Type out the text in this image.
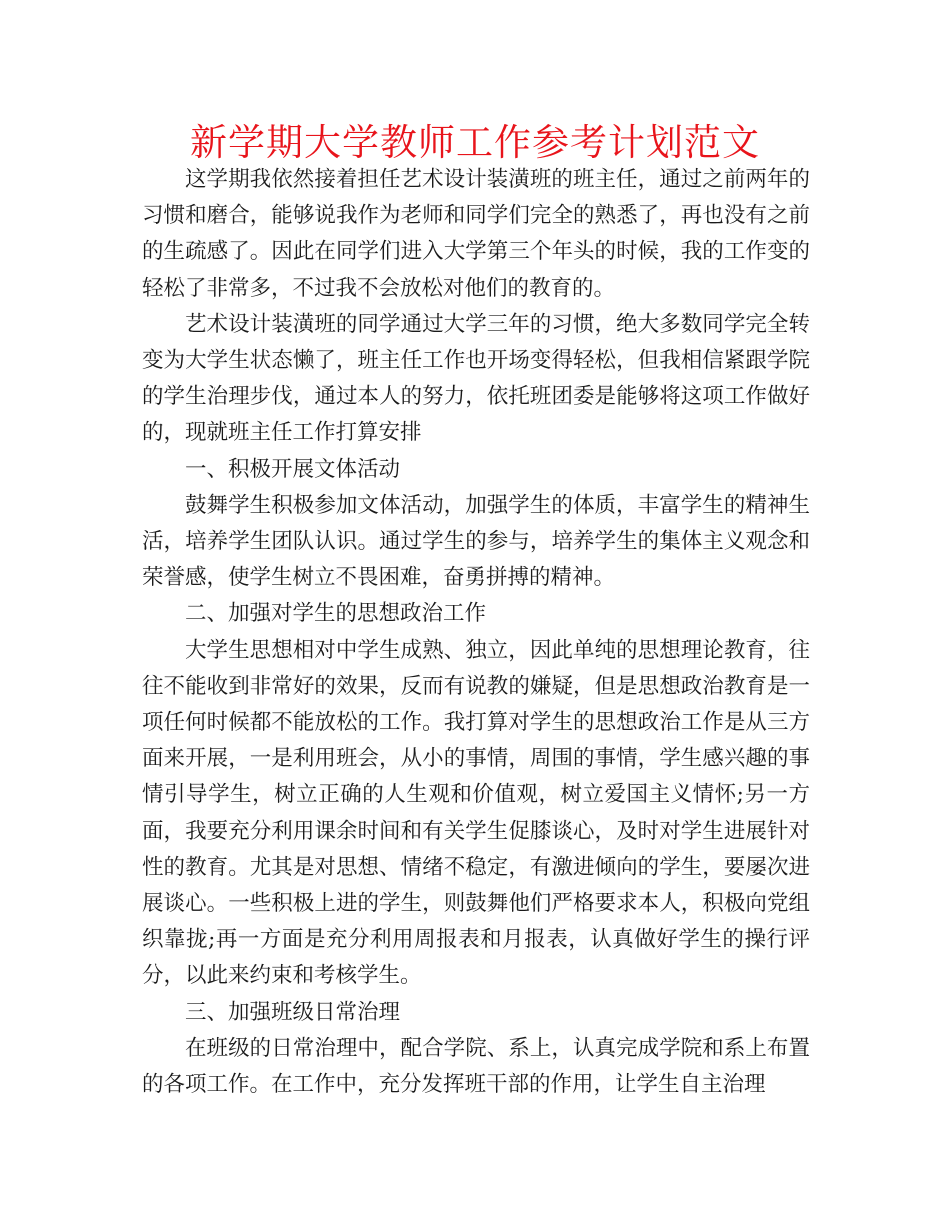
新学期大学教师工作参考计划范文

这学期我依然接着担任艺术设计装潢班的班主任，通过之前两年的习惯和磨合，能够说我作为老师和同学们完全的熟悉了，再也没有之前的生疏感了。因此在同学们进入大学第三个年头的时候，我的工作变的轻松了非常多，不过我不会放松对他们的教育的。

艺术设计装潢班的同学通过大学三年的习惯，绝大多数同学完全转变为大学生状态懒了，班主任工作也开场变得轻松，但我相信紧跟学院的学生治理步伐，通过本人的努力，依托班团委是能够将这项工作做好的，现就班主任工作打算安排

一、积极开展文体活动

鼓舞学生积极参加文体活动，加强学生的体质，丰富学生的精神生活，培养学生团队认识。通过学生的参与，培养学生的集体主义观念和荣誉感，使学生树立不畏困难，奋勇拼搏的精神。

二、加强对学生的思想政治工作

大学生思想相对中学生成熟、独立，因此单纯的思想理论教育，往往不能收到非常好的效果，反而有说教的嫌疑，但是思想政治教育是一项任何时候都不能放松的工作。我打算对学生的思想政治工作是从三方面来开展，一是利用班会，从小的事情，周围的事情，学生感兴趣的事情引导学生，树立正确的人生观和价值观，树立爱国主义情怀;另一方面，我要充分利用课余时间和有关学生促膝谈心，及时对学生进展针对性的教育。尤其是对思想、情绪不稳定，有激进倾向的学生，要屡次进展谈心。一些积极上进的学生，则鼓舞他们严格要求本人，积极向党组织靠拢;再一方面是充分利用周报表和月报表，认真做好学生的操行评分，以此来约束和考核学生。

三、加强班级日常治理

在班级的日常治理中，配合学院、系上，认真完成学院和系上布置的各项工作。在工作中，充分发挥班干部的作用，让学生自主治理
